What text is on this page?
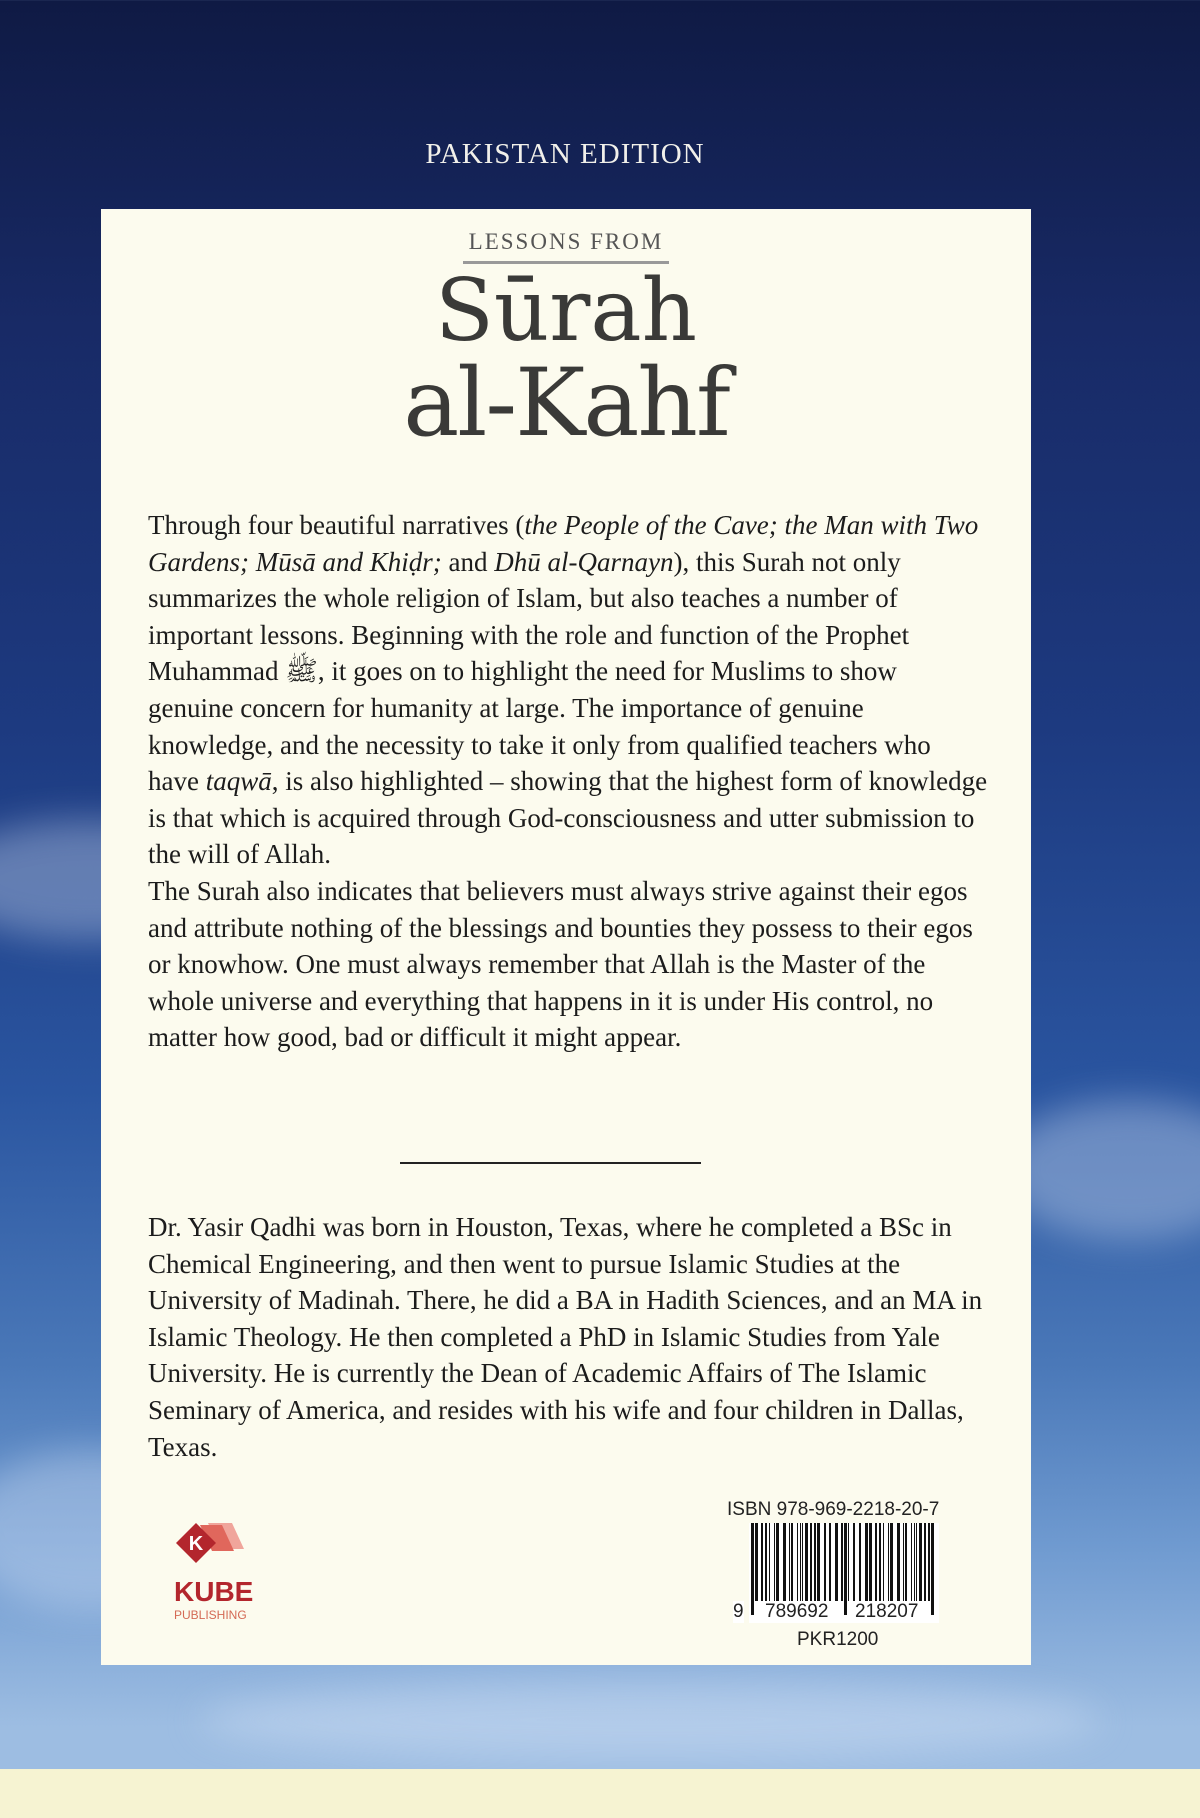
PAKISTAN EDITION
LESSONS FROM
Sūrah
al-Kahf

Through four beautiful narratives (the People of the Cave; the Man with Two Gardens; Mūsā and Khiḍr; and Dhū al-Qarnayn), this Surah not only summarizes the whole religion of Islam, but also teaches a number of important lessons. Beginning with the role and function of the Prophet Muhammad ﷺ, it goes on to highlight the need for Muslims to show genuine concern for humanity at large. The importance of genuine knowledge, and the necessity to take it only from qualified teachers who have taqwā, is also highlighted – showing that the highest form of knowledge is that which is acquired through God-consciousness and utter submission to the will of Allah.

The Surah also indicates that believers must always strive against their egos and attribute nothing of the blessings and bounties they possess to their egos or knowhow. One must always remember that Allah is the Master of the whole universe and everything that happens in it is under His control, no matter how good, bad or difficult it might appear.

Dr. Yasir Qadhi was born in Houston, Texas, where he completed a BSc in Chemical Engineering, and then went to pursue Islamic Studies at the University of Madinah. There, he did a BA in Hadith Sciences, and an MA in Islamic Theology. He then completed a PhD in Islamic Studies from Yale University. He is currently the Dean of Academic Affairs of The Islamic Seminary of America, and resides with his wife and four children in Dallas, Texas.
K
KUBE
PUBLISHING
ISBN 978-969-2218-20-7
9 789692 218207
PKR1200
